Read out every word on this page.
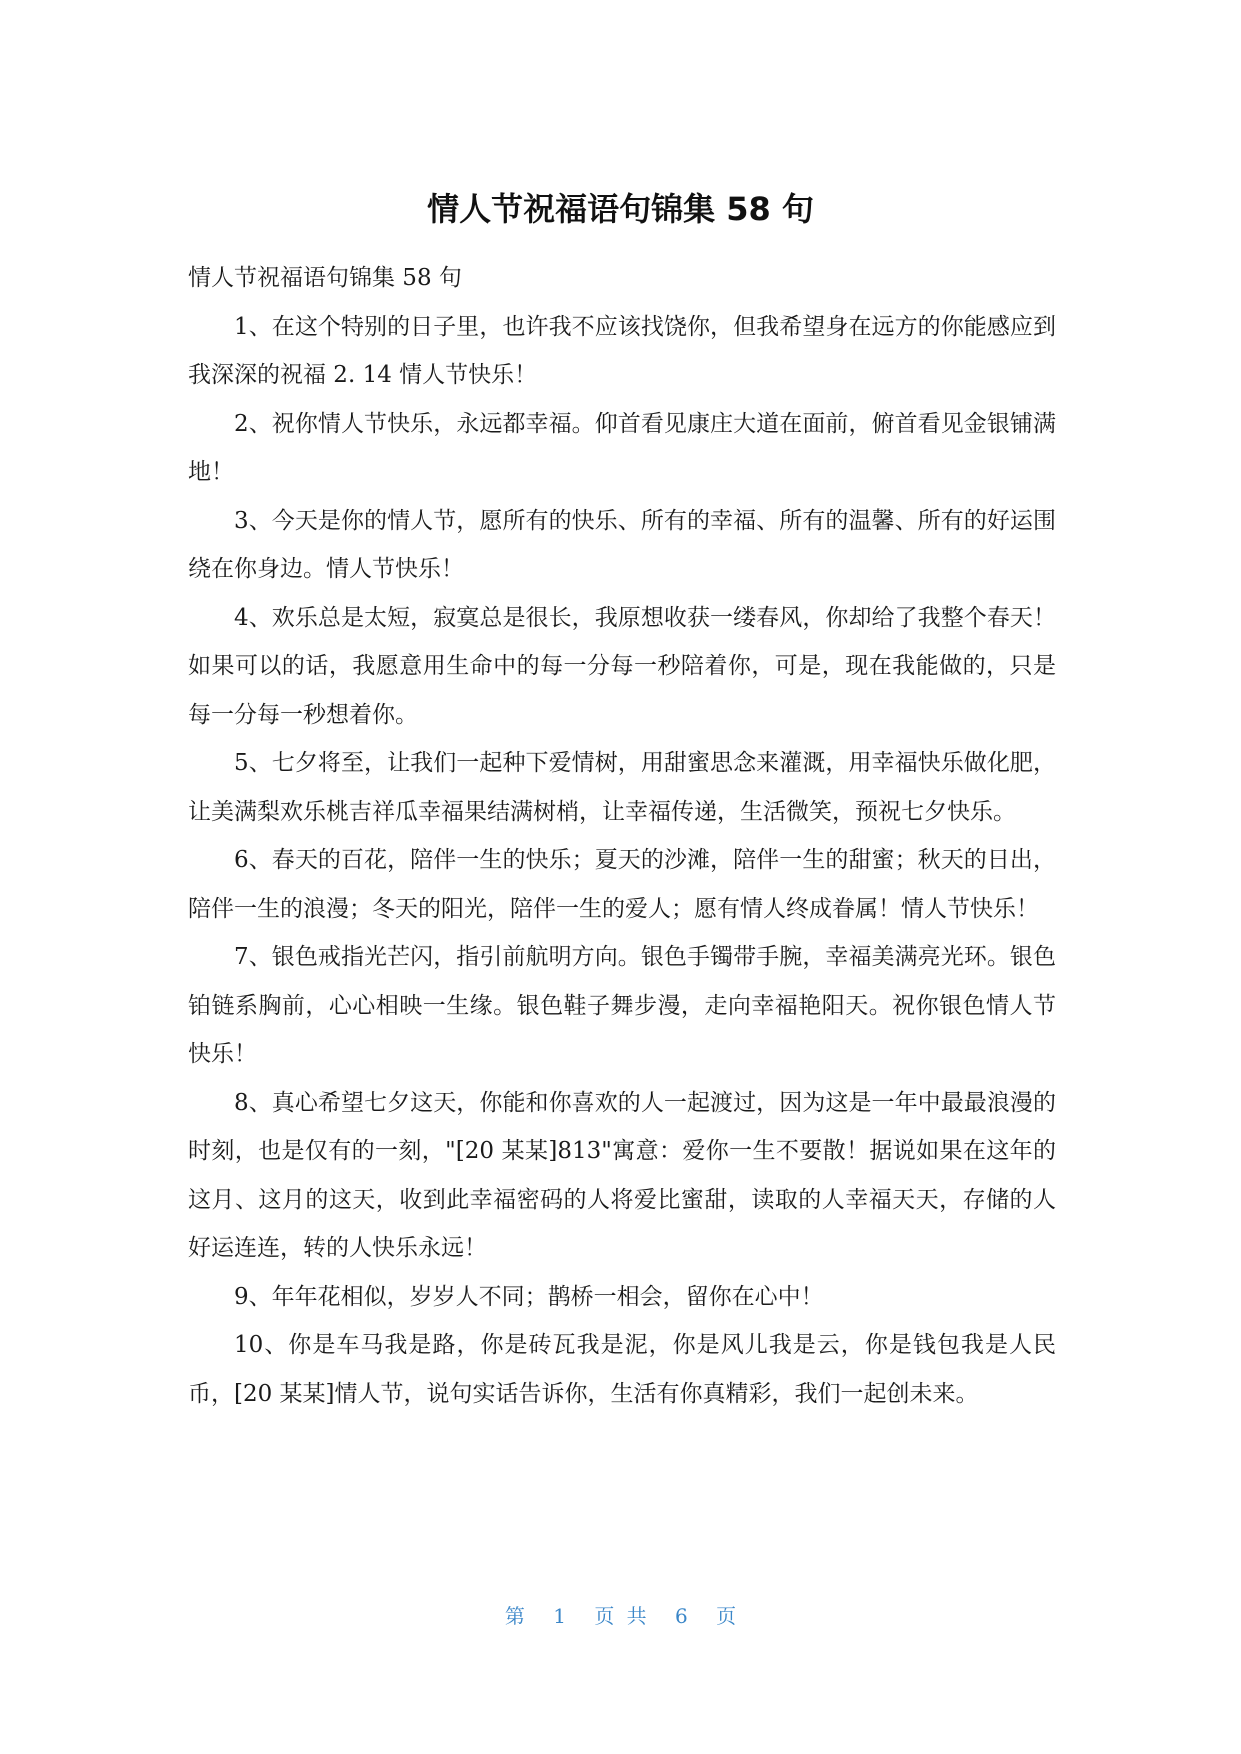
情人节祝福语句锦集 58 句

情人节祝福语句锦集 58 句

1、在这个特别的日子里，也许我不应该找饶你，但我希望身在远方的你能感应到我深深的祝福 2. 14 情人节快乐！

2、祝你情人节快乐，永远都幸福。仰首看见康庄大道在面前，俯首看见金银铺满地！

3、今天是你的情人节，愿所有的快乐、所有的幸福、所有的温馨、所有的好运围绕在你身边。情人节快乐！

4、欢乐总是太短，寂寞总是很长，我原想收获一缕春风，你却给了我整个春天！如果可以的话，我愿意用生命中的每一分每一秒陪着你，可是，现在我能做的，只是每一分每一秒想着你。

5、七夕将至，让我们一起种下爱情树，用甜蜜思念来灌溉，用幸福快乐做化肥，让美满梨欢乐桃吉祥瓜幸福果结满树梢，让幸福传递，生活微笑，预祝七夕快乐。

6、春天的百花，陪伴一生的快乐；夏天的沙滩，陪伴一生的甜蜜；秋天的日出，陪伴一生的浪漫；冬天的阳光，陪伴一生的爱人；愿有情人终成眷属！情人节快乐！

7、银色戒指光芒闪，指引前航明方向。银色手镯带手腕，幸福美满亮光环。银色铂链系胸前，心心相映一生缘。银色鞋子舞步漫，走向幸福艳阳天。祝你银色情人节快乐！

8、真心希望七夕这天，你能和你喜欢的人一起渡过，因为这是一年中最最浪漫的时刻，也是仅有的一刻，"[20 某某]813"寓意：爱你一生不要散！据说如果在这年的这月、这月的这天，收到此幸福密码的人将爱比蜜甜，读取的人幸福天天，存储的人好运连连，转的人快乐永远！

9、年年花相似，岁岁人不同；鹊桥一相会，留你在心中！

10、你是车马我是路，你是砖瓦我是泥，你是风儿我是云，你是钱包我是人民币，[20 某某]情人节，说句实话告诉你，生活有你真精彩，我们一起创未来。

第 1 页 共 6 页
